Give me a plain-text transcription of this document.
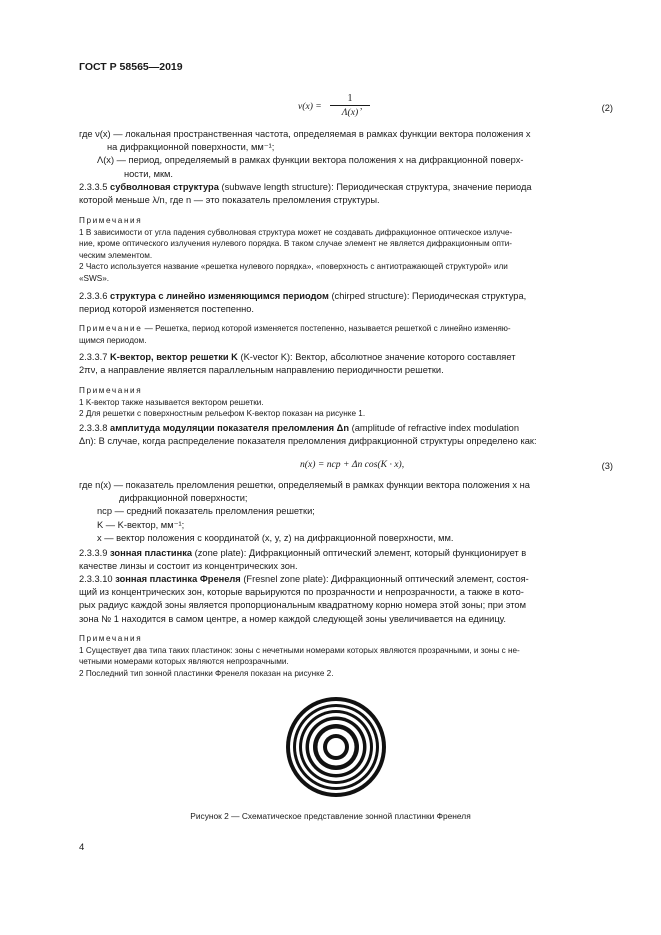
ГОСТ Р 58565—2019
ν(x) =
1
Λ(x)
,	(2)
где ν(x) — локальная пространственная частота, определяемая в рамках функции вектора положения x
на дифракционной поверхности, мм⁻¹;
Λ(x) — период, определяемый в рамках функции вектора положения x на дифракционной поверх-
ности, мкм.
2.3.3.5 субволновая структура (subwave length structure): Периодическая структура, значение периода
которой меньше λ/n, где n — это показатель преломления структуры.
Примечания
1 В зависимости от угла падения субволновая структура может не создавать дифракционное оптическое излуче-
ние, кроме оптического излучения нулевого порядка. В таком случае элемент не является дифракционным опти-
ческим элементом.
2 Часто используется название «решетка нулевого порядка», «поверхность с антиотражающей структурой» или
«SWS».
2.3.3.6 структура с линейно изменяющимся периодом (chirped structure): Периодическая структура,
период которой изменяется постепенно.
Примечание — Решетка, период которой изменяется постепенно, называется решеткой с линейно изменяю-
щимся периодом.
2.3.3.7 K-вектор, вектор решетки K (K-vector K): Вектор, абсолютное значение которого составляет
2πν, а направление является параллельным направлению периодичности решетки.
Примечания
1 K-вектор также называется вектором решетки.
2 Для решетки с поверхностным рельефом K-вектор показан на рисунке 1.
2.3.3.8 амплитуда модуляции показателя преломления Δn (amplitude of refractive index modulation
Δn): В случае, когда распределение показателя преломления дифракционной структуры определено как:
n(x) = nср + Δn cos(K · x),	(3)
где n(x) — показатель преломления решетки, определяемый в рамках функции вектора положения x на
дифракционной поверхности;
nср — средний показатель преломления решетки;
K — K-вектор, мм⁻¹;
x — вектор положения с координатой (x, y, z) на дифракционной поверхности, мм.
2.3.3.9 зонная пластинка (zone plate): Дифракционный оптический элемент, который функционирует в
качестве линзы и состоит из концентрических зон.
2.3.3.10 зонная пластинка Френеля (Fresnel zone plate): Дифракционный оптический элемент, состоя-
щий из концентрических зон, которые варьируются по прозрачности и непрозрачности, а также в кото-
рых радиус каждой зоны является пропорциональным квадратному корню номера этой зоны; при этом
зона № 1 находится в самом центре, а номер каждой следующей зоны увеличивается на единицу.
Примечания
1 Существует два типа таких пластинок: зоны с нечетными номерами которых являются прозрачными, и зоны с не-
четными номерами которых являются непрозрачными.
2 Последний тип зонной пластинки Френеля показан на рисунке 2.
Рисунок 2 — Схематическое представление зонной пластинки Френеля
4
